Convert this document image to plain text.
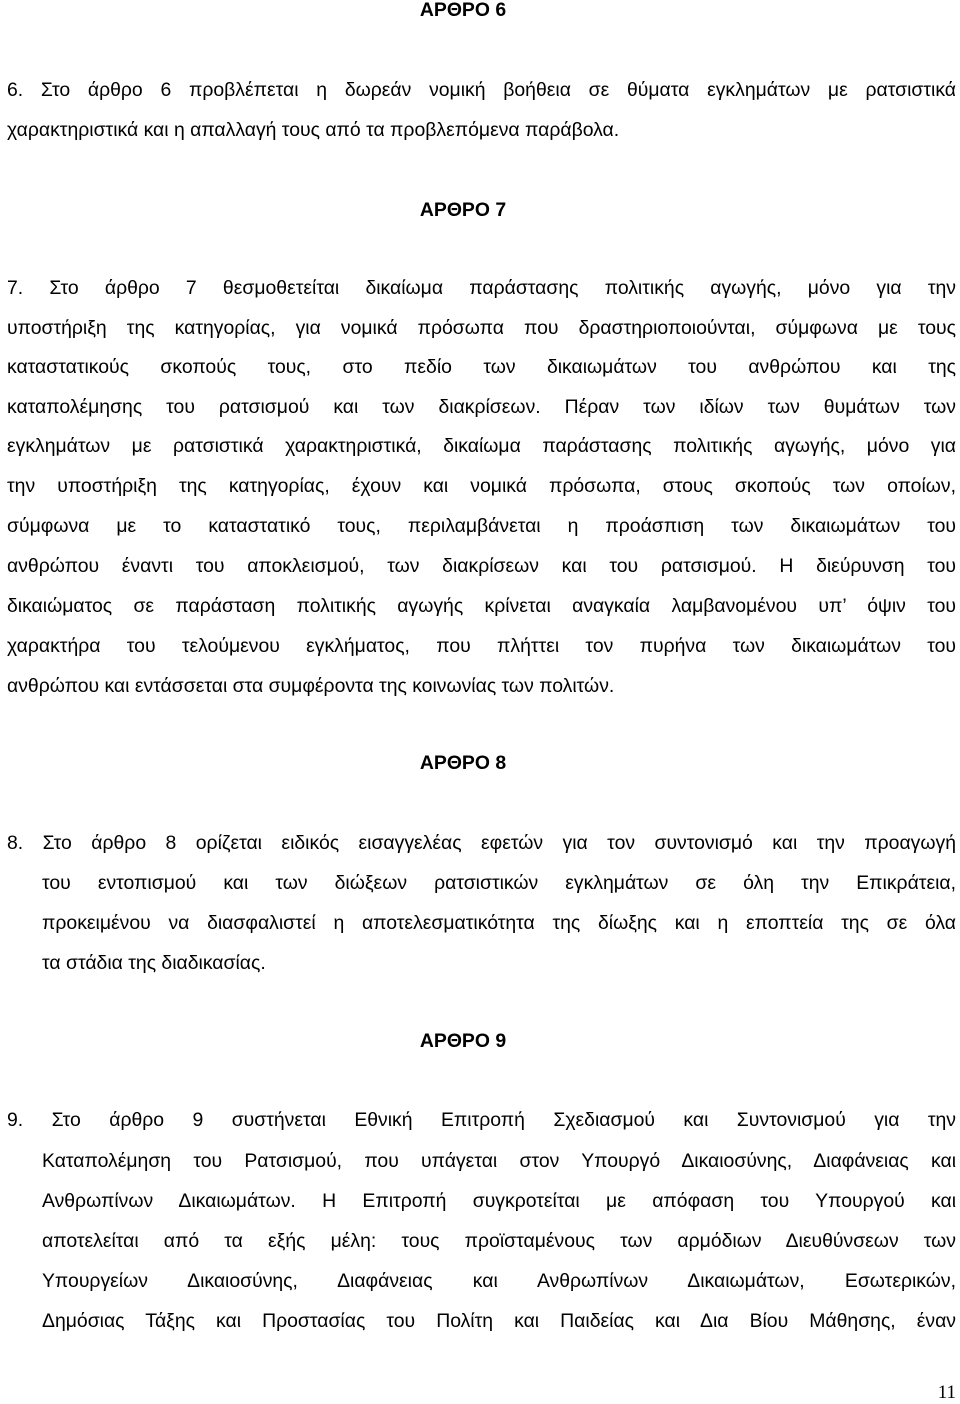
ΑΡΘΡΟ 6
6. Στο άρθρο 6 προβλέπεται η δωρεάν νομική βοήθεια σε θύματα εγκλημάτων με ρατσιστικά
χαρακτηριστικά και η απαλλαγή τους από τα προβλεπόμενα παράβολα.
ΑΡΘΡΟ 7
7. Στο άρθρο 7 θεσμοθετείται δικαίωμα παράστασης πολιτικής αγωγής, μόνο για την
υποστήριξη της κατηγορίας, για νομικά πρόσωπα που δραστηριοποιούνται, σύμφωνα με τους
καταστατικούς σκοπούς τους, στο πεδίο των δικαιωμάτων του ανθρώπου και της
καταπολέμησης του ρατσισμού και των διακρίσεων. Πέραν των ιδίων των θυμάτων των
εγκλημάτων με ρατσιστικά χαρακτηριστικά, δικαίωμα παράστασης πολιτικής αγωγής, μόνο για
την υποστήριξη της κατηγορίας, έχουν και νομικά πρόσωπα, στους σκοπούς των οποίων,
σύμφωνα με το καταστατικό τους, περιλαμβάνεται η προάσπιση των δικαιωμάτων του
ανθρώπου έναντι του αποκλεισμού, των διακρίσεων και του ρατσισμού. Η διεύρυνση του
δικαιώματος σε παράσταση πολιτικής αγωγής κρίνεται αναγκαία λαμβανομένου υπ’ όψιν του
χαρακτήρα του τελούμενου εγκλήματος, που πλήττει τον πυρήνα των δικαιωμάτων του
ανθρώπου και εντάσσεται στα συμφέροντα της κοινωνίας των πολιτών.
ΑΡΘΡΟ 8
8. Στο άρθρο 8 ορίζεται ειδικός εισαγγελέας εφετών για τον συντονισμό και την προαγωγή
του εντοπισμού και των διώξεων ρατσιστικών εγκλημάτων σε όλη την Επικράτεια,
προκειμένου να διασφαλιστεί η αποτελεσματικότητα της δίωξης και η εποπτεία της σε όλα
τα στάδια της διαδικασίας.
ΑΡΘΡΟ 9
9. Στο άρθρο 9 συστήνεται Εθνική Επιτροπή Σχεδιασμού και Συντονισμού για την
Καταπολέμηση του Ρατσισμού, που υπάγεται στον Υπουργό Δικαιοσύνης, Διαφάνειας και
Ανθρωπίνων Δικαιωμάτων. Η Επιτροπή συγκροτείται με απόφαση του Υπουργού και
αποτελείται από τα εξής μέλη: τους προϊσταμένους των αρμόδιων Διευθύνσεων των
Υπουργείων Δικαιοσύνης, Διαφάνειας και Ανθρωπίνων Δικαιωμάτων, Εσωτερικών,
Δημόσιας Τάξης και Προστασίας του Πολίτη και Παιδείας και Δια Βίου Μάθησης, έναν
11
